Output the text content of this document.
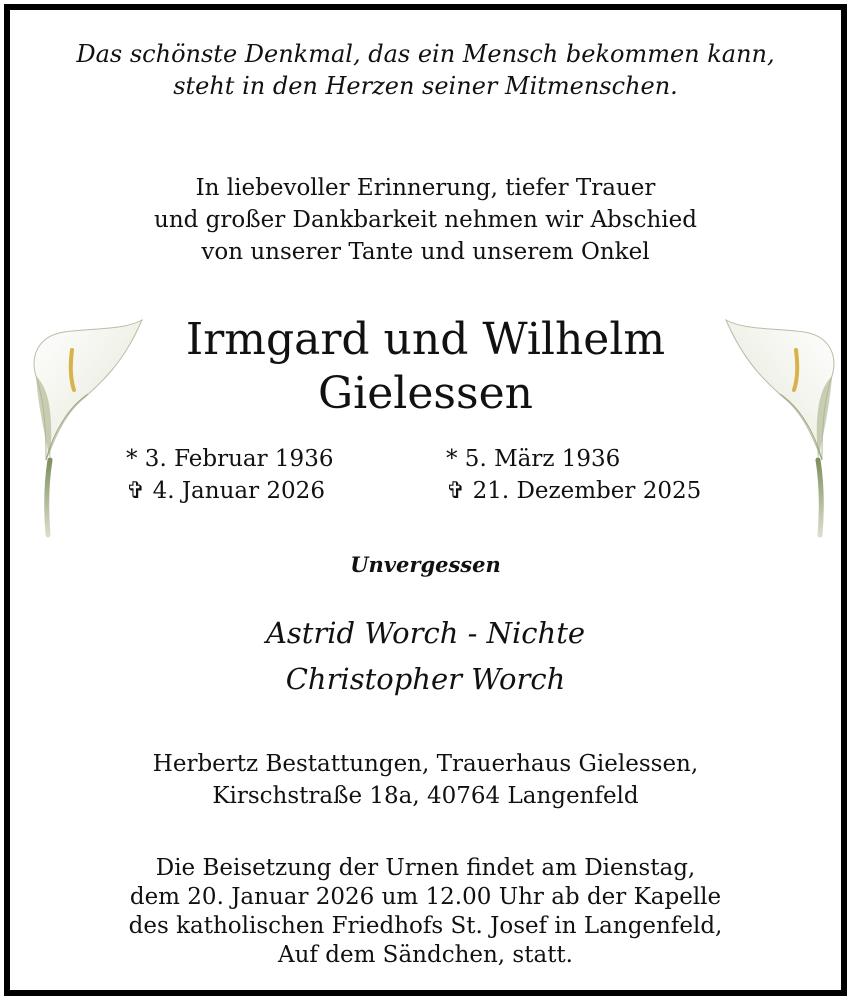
Das schönste Denkmal, das ein Mensch bekommen kann,
steht in den Herzen seiner Mitmenschen.
In liebevoller Erinnerung, tiefer Trauer
und großer Dankbarkeit nehmen wir Abschied
von unserer Tante und unserem Onkel
Irmgard und Wilhelm
Gielessen
* 3. Februar 1936
✞ 4. Januar 2026
* 5. März 1936
✞ 21. Dezember 2025
Unvergessen
Astrid Worch - Nichte
Christopher Worch
Herbertz Bestattungen, Trauerhaus Gielessen,
Kirschstraße 18a, 40764 Langenfeld
Die Beisetzung der Urnen findet am Dienstag,
dem 20. Januar 2026 um 12.00 Uhr ab der Kapelle
des katholischen Friedhofs St. Josef in Langenfeld,
Auf dem Sändchen, statt.
